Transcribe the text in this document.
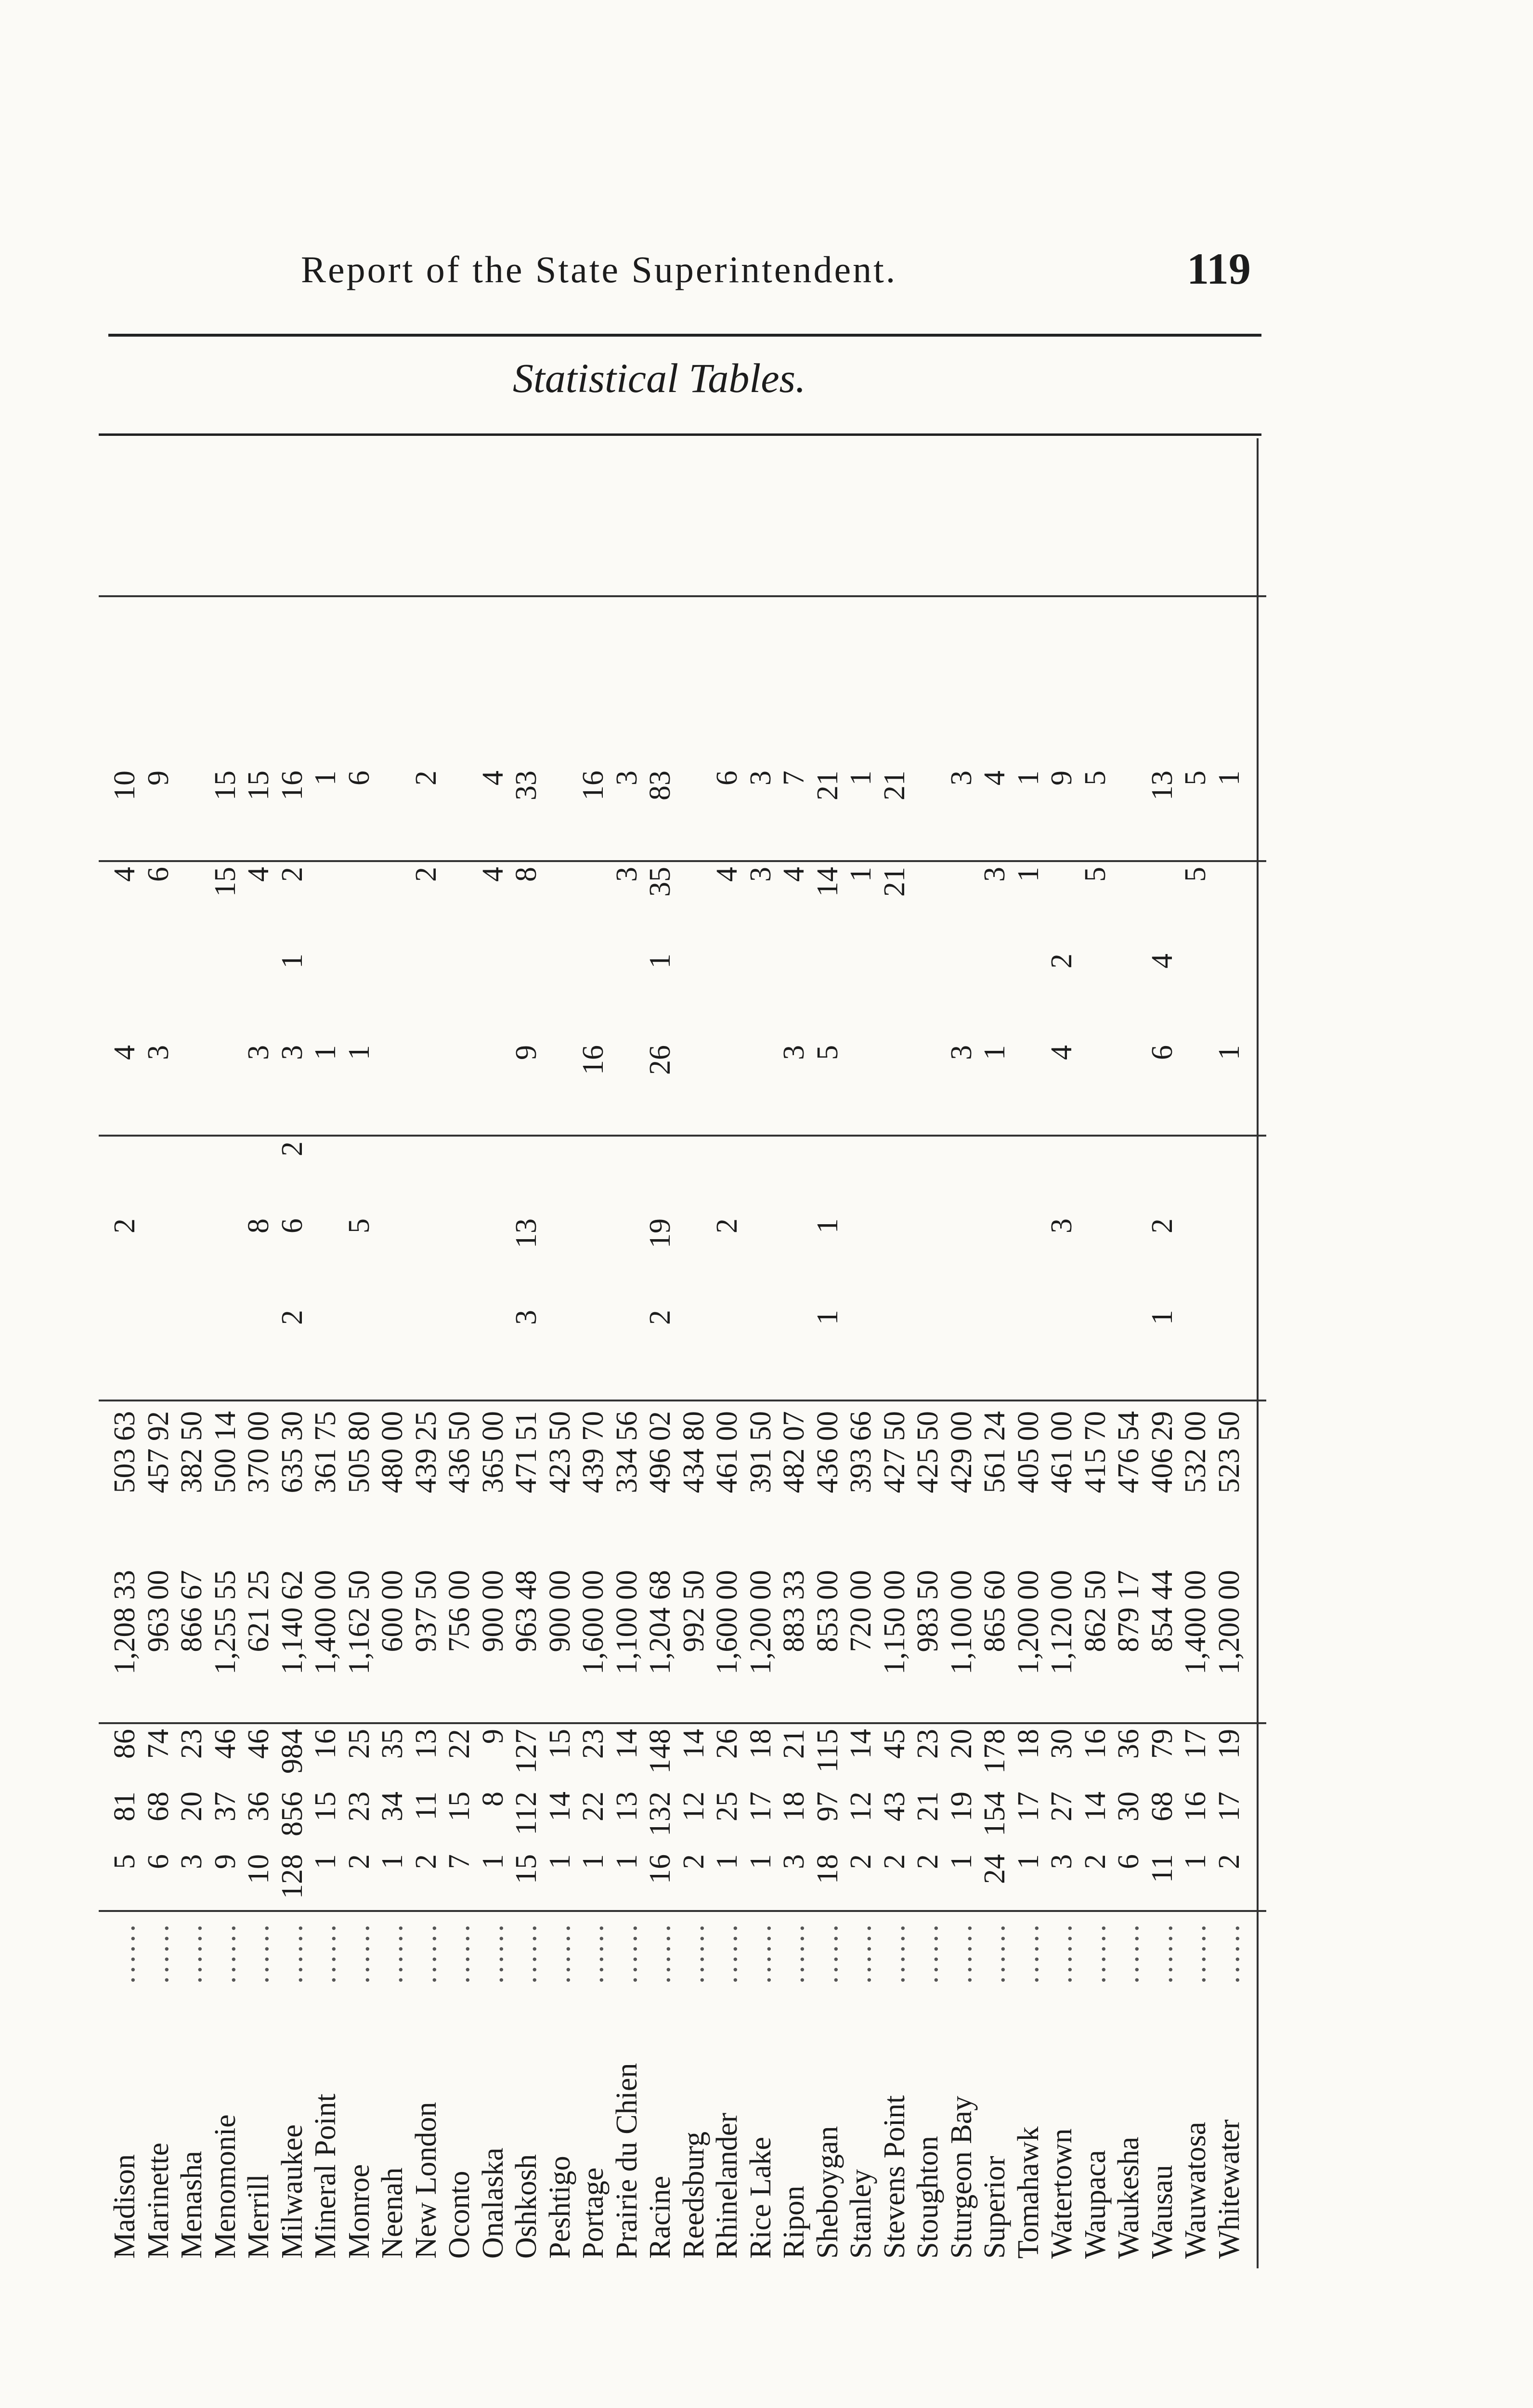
Report of the State Superintendent.	119
Statistical Tables.
Madison
......
5
81
86
1,208 33
503 63
2
4
4
10
Marinette
......
6
68
74
963 00
457 92
3
6
9
Menasha
......
3
20
23
866 67
382 50
Menomonie
......
9
37
46
1,255 55
500 14
15
15
Merrill
......
10
36
46
621 25
370 00
8
3
4
15
Milwaukee
......
128
856
984
1,140 62
635 30
2
6
2
3
1
2
16
Mineral Point
......
1
15
16
1,400 00
361 75
1
1
Monroe
......
2
23
25
1,162 50
505 80
5
1
6
Neenah
......
1
34
35
600 00
480 00
New London
......
2
11
13
937 50
439 25
2
2
Oconto
......
7
15
22
756 00
436 50
Onalaska
......
1
8
9
900 00
365 00
4
4
Oshkosh
......
15
112
127
963 48
471 51
3
13
9
8
33
Peshtigo
......
1
14
15
900 00
423 50
Portage
......
1
22
23
1,600 00
439 70
16
16
Prairie du Chien
......
1
13
14
1,100 00
334 56
3
3
Racine
......
16
132
148
1,204 68
496 02
2
19
26
1
35
83
Reedsburg
......
2
12
14
992 50
434 80
Rhinelander
......
1
25
26
1,600 00
461 00
2
4
6
Rice Lake
......
1
17
18
1,200 00
391 50
3
3
Ripon
......
3
18
21
883 33
482 07
3
4
7
Sheboygan
......
18
97
115
853 00
436 00
1
1
5
14
21
Stanley
......
2
12
14
720 00
393 66
1
1
Stevens Point
......
2
43
45
1,150 00
427 50
21
21
Stoughton
......
2
21
23
983 50
425 50
Sturgeon Bay
......
1
19
20
1,100 00
429 00
3
3
Superior
......
24
154
178
865 60
561 24
1
3
4
Tomahawk
......
1
17
18
1,200 00
405 00
1
1
Watertown
......
3
27
30
1,120 00
461 00
3
4
2
9
Waupaca
......
2
14
16
862 50
415 70
5
5
Waukesha
......
6
30
36
879 17
476 54
Wausau
......
11
68
79
854 44
406 29
1
2
6
4
13
Wauwatosa
......
1
16
17
1,400 00
532 00
5
5
Whitewater
......
2
17
19
1,200 00
523 50
1
1
